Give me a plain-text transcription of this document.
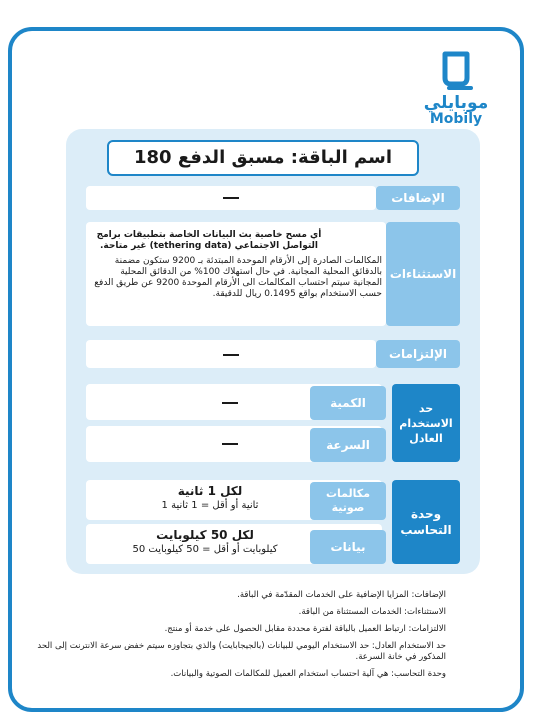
موبايلي
Mobily
اسم الباقة: مسبق الدفع 180
الإضافات
أي مسح خاصية بث البيانات الخاصة بتطبيقات برامج التواصل الاجتماعي (tethering data) غير متاحة.
المكالمات الصادرة إلى الأرقام الموحدة المبتدئة بـ 9200 ستكون مضمنة بالدقائق المحلية المجانية. في حال استهلاك 100% من الدقائق المحلية المجانية سيتم احتساب المكالمات الى الأرقام الموحدة 9200 عن طريق الدفع حسب الاستخدام بواقع 0.1495 ريال للدقيقة.
الاستثناءات
الإلتزامات
الكمية
السرعة
حد الاستخدام العادل
لكل 1 ثانية
ثانية أو أقل = 1 ثانية 1
مكالمات صوتية
لكل 50 كيلوبايت
كيلوبايت أو أقل = 50 كيلوبايت 50	بيانات
وحدة التحاسب

الإضافات: المزايا الإضافية على الخدمات المقدّمة في الباقة.

الاستثناءات: الخدمات المستثناة من الباقة.

الالتزامات: ارتباط العميل بالباقة لفترة محددة مقابل الحصول على خدمة أو منتج.

حد الاستخدام العادل: حد الاستخدام اليومي للبيانات (بالجيجابايت) والذي بتجاوزه سيتم خفض سرعة الانترنت إلى الحد المذكور في خانة السرعة.

وحدة التحاسب: هي آلية احتساب استخدام العميل للمكالمات الصوتية والبيانات.
